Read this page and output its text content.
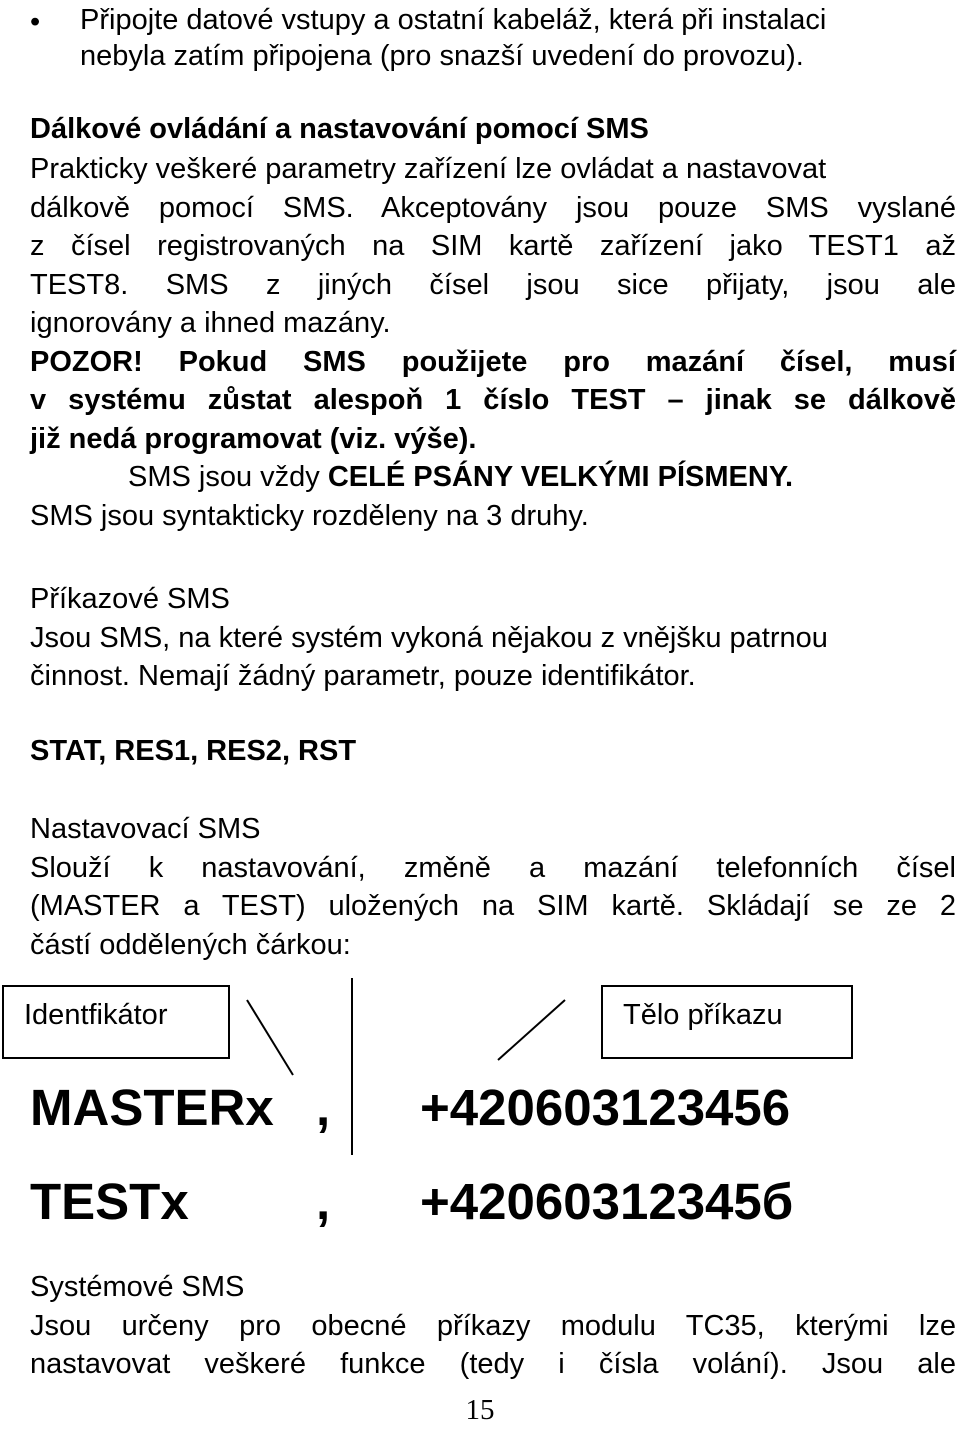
• Připojte datové vstupy a ostatní kabeláž, která při instalaci
nebyla zatím připojena (pro snazší uvedení do provozu).
Dálkové ovládání a nastavování pomocí SMS
Prakticky veškeré parametry zařízení lze ovládat a nastavovat
dálkově pomocí SMS. Akceptovány jsou pouze SMS vyslané
z čísel registrovaných na SIM kartě zařízení jako TEST1 až
TEST8. SMS z jiných čísel jsou sice přijaty, jsou ale
ignorovány a ihned mazány.
POZOR! Pokud SMS použijete pro mazání čísel, musí
v systému zůstat alespoň 1 číslo TEST – jinak se dálkově
již nedá programovat (viz. výše).
SMS jsou vždy CELÉ PSÁNY VELKÝMI PÍSMENY.
SMS jsou syntakticky rozděleny na 3 druhy.
Příkazové SMS
Jsou SMS, na které systém vykoná nějakou z vnějšku patrnou
činnost. Nemají žádný parametr, pouze identifikátor.
STAT, RES1, RES2, RST
Nastavovací SMS
Slouží k nastavování, změně a mazání telefonních čísel
(MASTER a TEST) uložených na SIM kartě. Skládají se ze 2
částí oddělených čárkou:
Identfikátor	Tělo příkazu
MASTERx , +420603123456
TESTx , +42060312345б
Systémové SMS
Jsou určeny pro obecné příkazy modulu TC35, kterými lze
nastavovat veškeré funkce (tedy i čísla volání). Jsou ale
15
